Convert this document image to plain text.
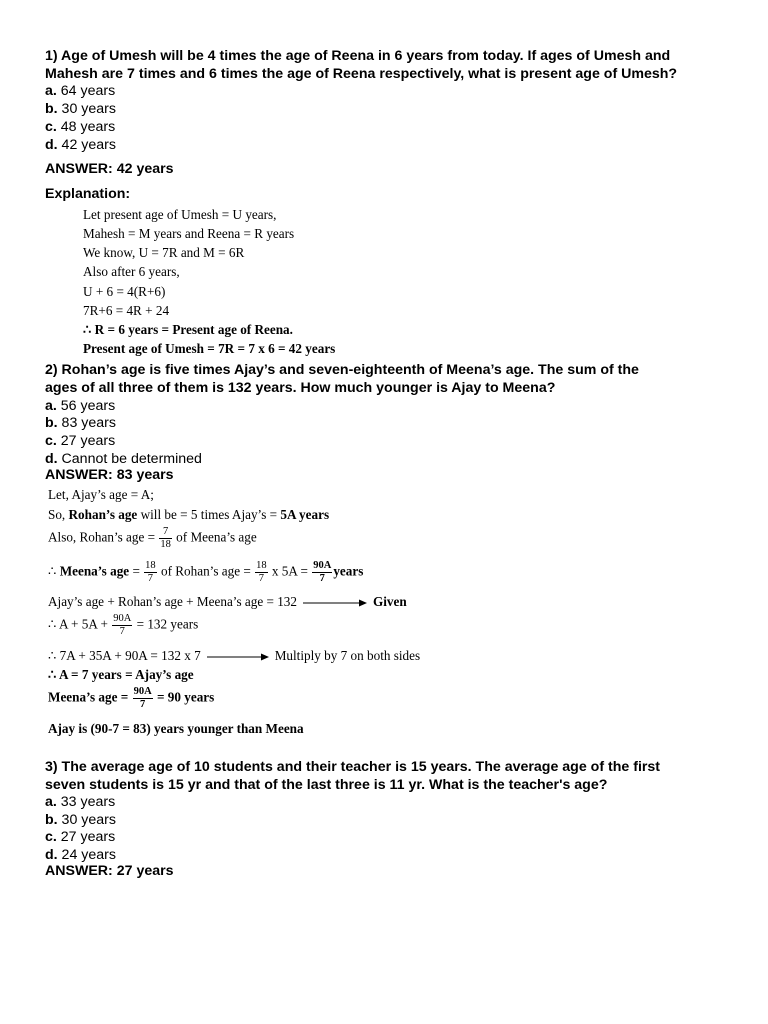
1) Age of Umesh will be 4 times the age of Reena in 6 years from today. If ages of Umesh and
Mahesh are 7 times and 6 times the age of Reena respectively, what is present age of Umesh?
a. 64 years
b. 30 years
c. 48 years
d. 42 years
ANSWER: 42 years
Explanation:
Let present age of Umesh = U years,
Mahesh = M years and Reena = R years
We know, U = 7R and M = 6R
Also after 6 years,
U + 6 = 4(R+6)
7R+6 = 4R + 24
∴ R = 6 years = Present age of Reena.
Present age of Umesh = 7R = 7 x 6 = 42 years
2) Rohan’s age is five times Ajay’s and seven-eighteenth of Meena’s age. The sum of the
ages of all three of them is 132 years. How much younger is Ajay to Meena?
a. 56 years
b. 83 years
c. 27 years
d. Cannot be determined
ANSWER: 83 years
Let, Ajay’s age = A;
So, Rohan’s age will be = 5 times Ajay’s = 5A years
Also, Rohan’s age = $\frac{7}{18}$ of Meena’s age
∴ Meena’s age = $\frac{18}{7}$ of Rohan’s age = $\frac{18}{7}$ x $5A = \frac{90A}{7}$ years
Ajay’s age + Rohan’s age + Meena’s age = 132	Given
∴ $A + 5A + \frac{90A}{7} = 132$ years
∴ 7A + 35A + 90A = 132 x 7	Multiply by 7 on both sides
∴ A = 7 years = Ajay’s age
Meena’s age = $\frac{90A}{7} = 90$ years
Ajay is (90-7 = 83) years younger than Meena
3) The average age of 10 students and their teacher is 15 years. The average age of the first
seven students is 15 yr and that of the last three is 11 yr. What is the teacher's age?
a. 33 years
b. 30 years
c. 27 years
d. 24 years
ANSWER: 27 years
